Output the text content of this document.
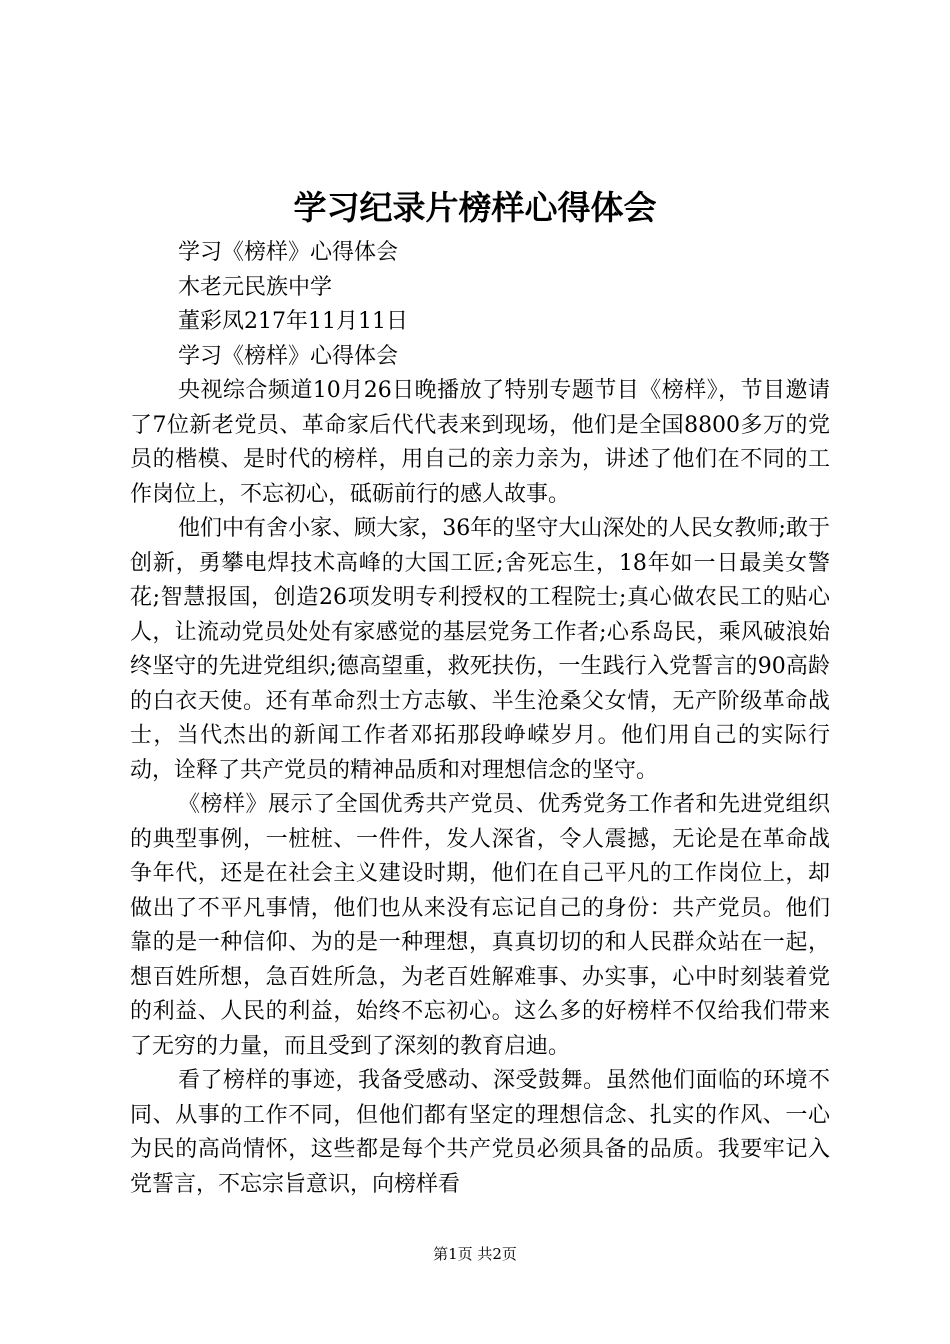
学习纪录片榜样心得体会

学习《榜样》心得体会

木老元民族中学

董彩凤217年11月11日

学习《榜样》心得体会

央视综合频道10月26日晚播放了特别专题节目《榜样》，节目邀请了7位新老党员、革命家后代代表来到现场，他们是全国8800多万的党员的楷模、是时代的榜样，用自己的亲力亲为，讲述了他们在不同的工作岗位上，不忘初心，砥砺前行的感人故事。

他们中有舍小家、顾大家，36年的坚守大山深处的人民女教师;敢于创新，勇攀电焊技术高峰的大国工匠;舍死忘生，18年如一日最美女警花;智慧报国，创造26项发明专利授权的工程院士;真心做农民工的贴心人，让流动党员处处有家感觉的基层党务工作者;心系岛民，乘风破浪始终坚守的先进党组织;德高望重，救死扶伤，一生践行入党誓言的90高龄的白衣天使。还有革命烈士方志敏、半生沧桑父女情，无产阶级革命战士，当代杰出的新闻工作者邓拓那段峥嵘岁月。他们用自己的实际行动，诠释了共产党员的精神品质和对理想信念的坚守。

《榜样》展示了全国优秀共产党员、优秀党务工作者和先进党组织的典型事例，一桩桩、一件件，发人深省，令人震撼，无论是在革命战争年代，还是在社会主义建设时期，他们在自己平凡的工作岗位上，却做出了不平凡事情，他们也从来没有忘记自己的身份：共产党员。他们靠的是一种信仰、为的是一种理想，真真切切的和人民群众站在一起，想百姓所想，急百姓所急，为老百姓解难事、办实事，心中时刻装着党的利益、人民的利益，始终不忘初心。这么多的好榜样不仅给我们带来了无穷的力量，而且受到了深刻的教育启迪。

看了榜样的事迹，我备受感动、深受鼓舞。虽然他们面临的环境不同、从事的工作不同，但他们都有坚定的理想信念、扎实的作风、一心为民的高尚情怀，这些都是每个共产党员必须具备的品质。我要牢记入党誓言，不忘宗旨意识，向榜样看

第1页 共2页
